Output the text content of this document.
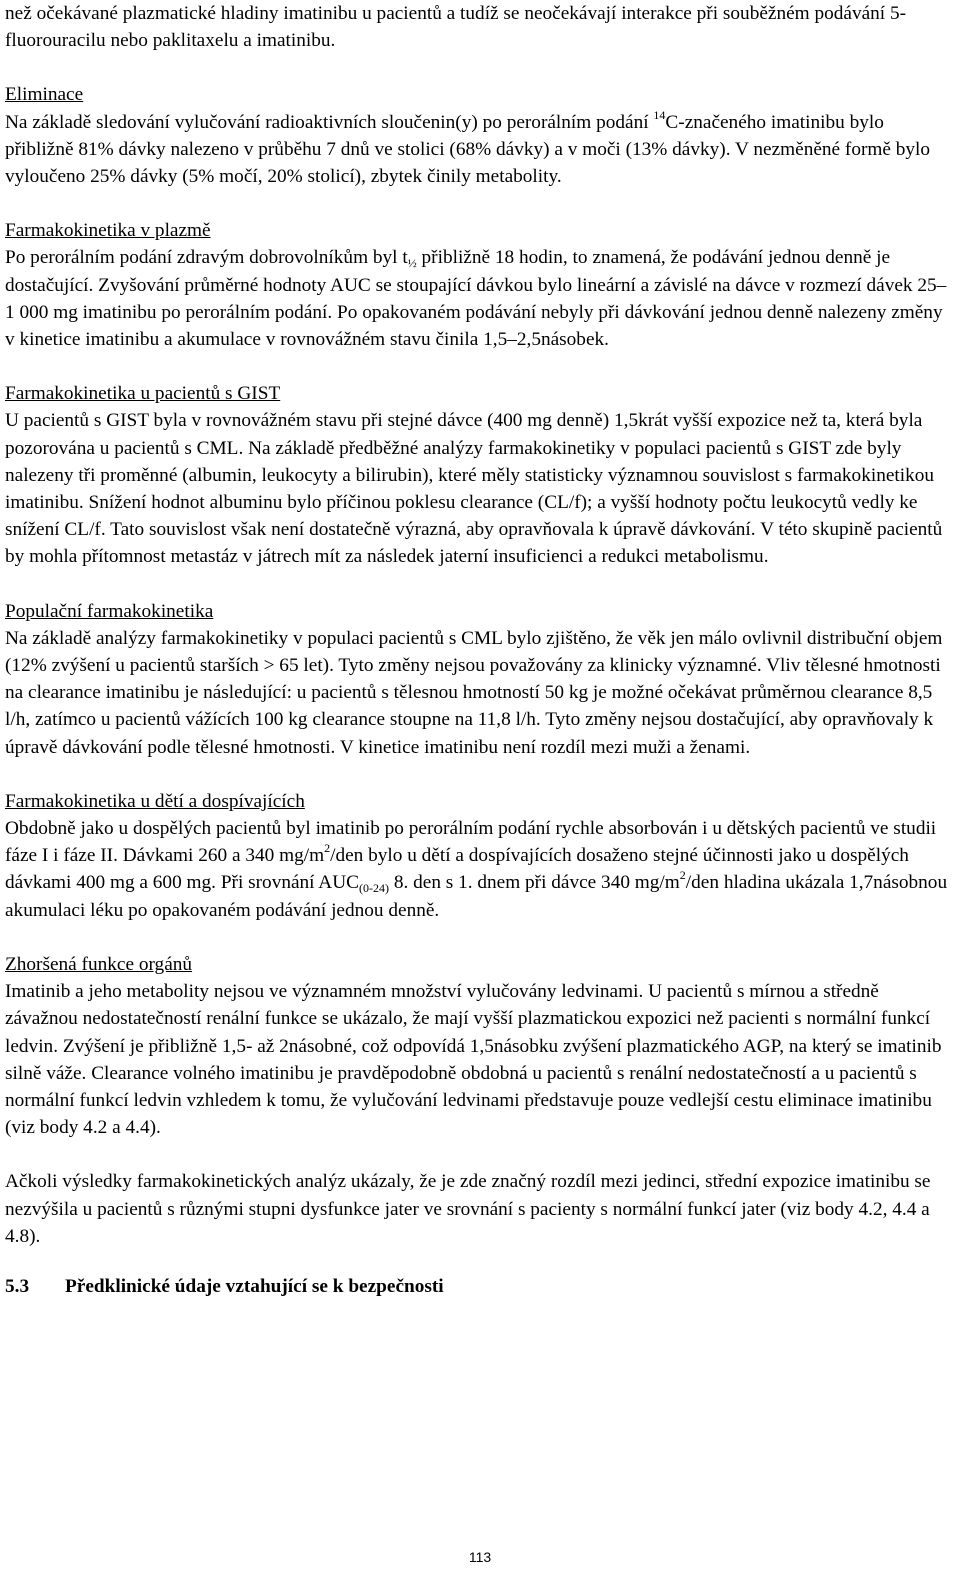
než očekávané plazmatické hladiny imatinibu u pacientů a tudíž se neočekávají interakce při souběžném podávání 5-fluorouracilu nebo paklitaxelu a imatinibu.

Eliminace

Na základě sledování vylučování radioaktivních sloučenin(y) po perorálním podání $^{14}$C-značeného imatinibu bylo přibližně 81% dávky nalezeno v průběhu 7 dnů ve stolici (68% dávky) a v moči (13% dávky). V nezměněné formě bylo vyloučeno 25% dávky (5% močí, 20% stolicí), zbytek činily metabolity.

Farmakokinetika v plazmě

Po perorálním podání zdravým dobrovolníkům byl $t_{\frac{1}{2}}$ přibližně 18 hodin, to znamená, že podávání jednou denně je dostačující. Zvyšování průměrné hodnoty AUC se stoupající dávkou bylo lineární a závislé na dávce v rozmezí dávek 25–1 000 mg imatinibu po perorálním podání. Po opakovaném podávání nebyly při dávkování jednou denně nalezeny změny v kinetice imatinibu a akumulace v rovnovážném stavu činila 1,5–2,5násobek.

Farmakokinetika u pacientů s GIST

U pacientů s GIST byla v rovnovážném stavu při stejné dávce (400 mg denně) 1,5krát vyšší expozice než ta, která byla pozorována u pacientů s CML. Na základě předběžné analýzy farmakokinetiky v populaci pacientů s GIST zde byly nalezeny tři proměnné (albumin, leukocyty a bilirubin), které měly statisticky významnou souvislost s farmakokinetikou imatinibu. Snížení hodnot albuminu bylo příčinou poklesu clearance (CL/f); a vyšší hodnoty počtu leukocytů vedly ke snížení CL/f. Tato souvislost však není dostatečně výrazná, aby opravňovala k úpravě dávkování. V této skupině pacientů by mohla přítomnost metastáz v játrech mít za následek jaterní insuficienci a redukci metabolismu.

Populační farmakokinetika

Na základě analýzy farmakokinetiky v populaci pacientů s CML bylo zjištěno, že věk jen málo ovlivnil distribuční objem (12% zvýšení u pacientů starších > 65 let). Tyto změny nejsou považovány za klinicky významné. Vliv tělesné hmotnosti na clearance imatinibu je následující: u pacientů s tělesnou hmotností 50 kg je možné očekávat průměrnou clearance 8,5 l/h, zatímco u pacientů vážících 100 kg clearance stoupne na 11,8 l/h. Tyto změny nejsou dostačující, aby opravňovaly k úpravě dávkování podle tělesné hmotnosti. V kinetice imatinibu není rozdíl mezi muži a ženami.

Farmakokinetika u dětí a dospívajících

Obdobně jako u dospělých pacientů byl imatinib po perorálním podání rychle absorbován i u dětských pacientů ve studii fáze I i fáze II. Dávkami 260 a 340 $mg/m^2$/den bylo u dětí a dospívajících dosaženo stejné účinnosti jako u dospělých dávkami 400 mg a 600 mg. Při srovnání $AUC_{(0-24)}$ 8. den s 1. dnem při dávce 340 $mg/m^2$/den hladina ukázala 1,7násobnou akumulaci léku po opakovaném podávání jednou denně.

Zhoršená funkce orgánů

Imatinib a jeho metabolity nejsou ve významném množství vylučovány ledvinami. U pacientů s mírnou a středně závažnou nedostatečností renální funkce se ukázalo, že mají vyšší plazmatickou expozici než pacienti s normální funkcí ledvin. Zvýšení je přibližně 1,5- až 2násobné, což odpovídá 1,5násobku zvýšení plazmatického AGP, na který se imatinib silně váže. Clearance volného imatinibu je pravděpodobně obdobná u pacientů s renální nedostatečností a u pacientů s normální funkcí ledvin vzhledem k tomu, že vylučování ledvinami představuje pouze vedlejší cestu eliminace imatinibu (viz body 4.2 a 4.4).

Ačkoli výsledky farmakokinetických analýz ukázaly, že je zde značný rozdíl mezi jedinci, střední expozice imatinibu se nezvýšila u pacientů s různými stupni dysfunkce jater ve srovnání s pacienty s normální funkcí jater (viz body 4.2, 4.4 a 4.8).

5.3	Předklinické údaje vztahující se k bezpečnosti
113
